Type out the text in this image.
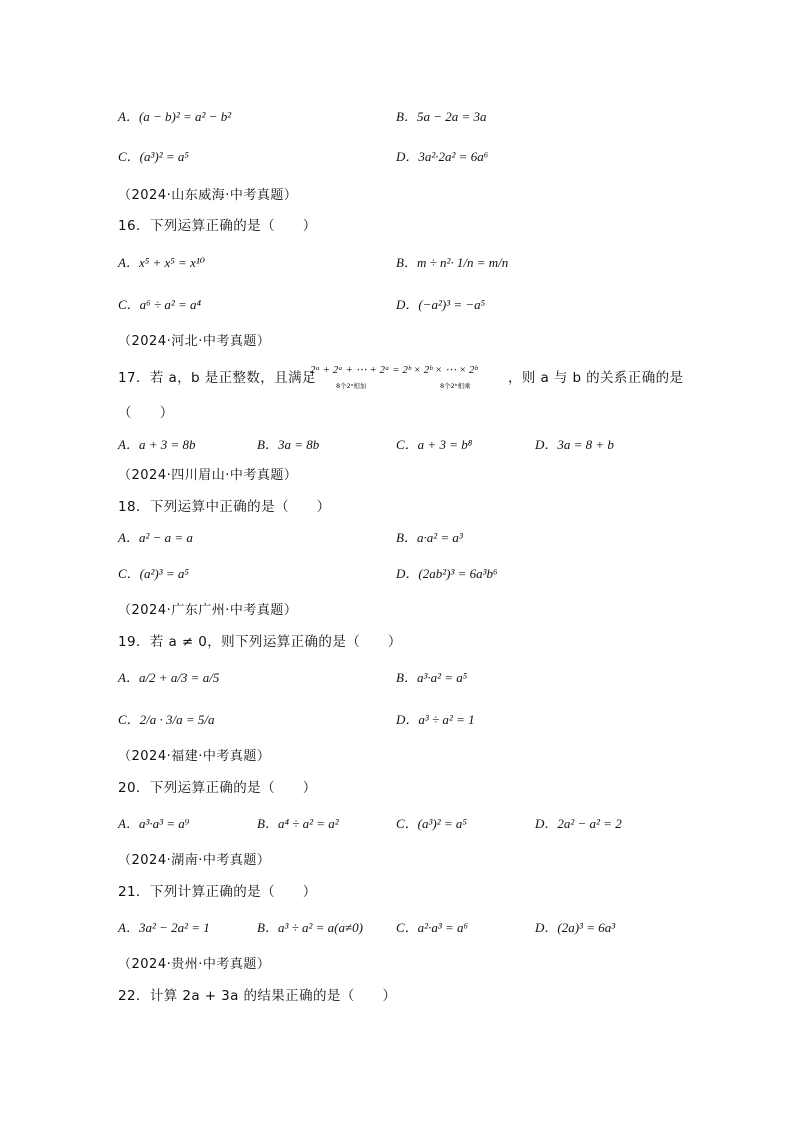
A．(a − b)² = a² − b²	B．5a − 2a = 3a
C．(a³)² = a⁵	D．3a²·2a² = 6a⁶
（2024·山东威海·中考真题）
16．下列运算正确的是（　　）
A．x⁵ + x⁵ = x¹⁰	B．m ÷ n²· 1/n = m/n
C．a⁶ ÷ a² = a⁴	D．(−a²)³ = −a⁵
（2024·河北·中考真题）
17．若 a，b 是正整数，且满足
2ᵃ + 2ᵃ + ⋯ + 2ᵃ = 2ᵇ × 2ᵇ × ⋯ × 2ᵇ
8个2ᵃ相加	8个2ᵇ相乘	，则 a 与 b 的关系正确的是
（　　）
A．a + 3 = 8b	B．3a = 8b	C．a + 3 = b⁸	D．3a = 8 + b
（2024·四川眉山·中考真题）
18．下列运算中正确的是（　　）
A．a² − a = a	B．a·a² = a³
C．(a²)³ = a⁵	D．(2ab²)³ = 6a³b⁶
（2024·广东广州·中考真题）
19．若 a ≠ 0，则下列运算正确的是（　　）
A．a/2 + a/3 = a/5	B．a³·a² = a⁵
C．2/a · 3/a = 5/a	D．a³ ÷ a² = 1
（2024·福建·中考真题）
20．下列运算正确的是（　　）
A．a³·a³ = a⁹	B．a⁴ ÷ a² = a²	C．(a³)² = a⁵	D．2a² − a² = 2
（2024·湖南·中考真题）
21．下列计算正确的是（　　）
A．3a² − 2a² = 1	B．a³ ÷ a² = a(a≠0)	C．a²·a³ = a⁶	D．(2a)³ = 6a³
（2024·贵州·中考真题）
22．计算 2a + 3a 的结果正确的是（　　）
